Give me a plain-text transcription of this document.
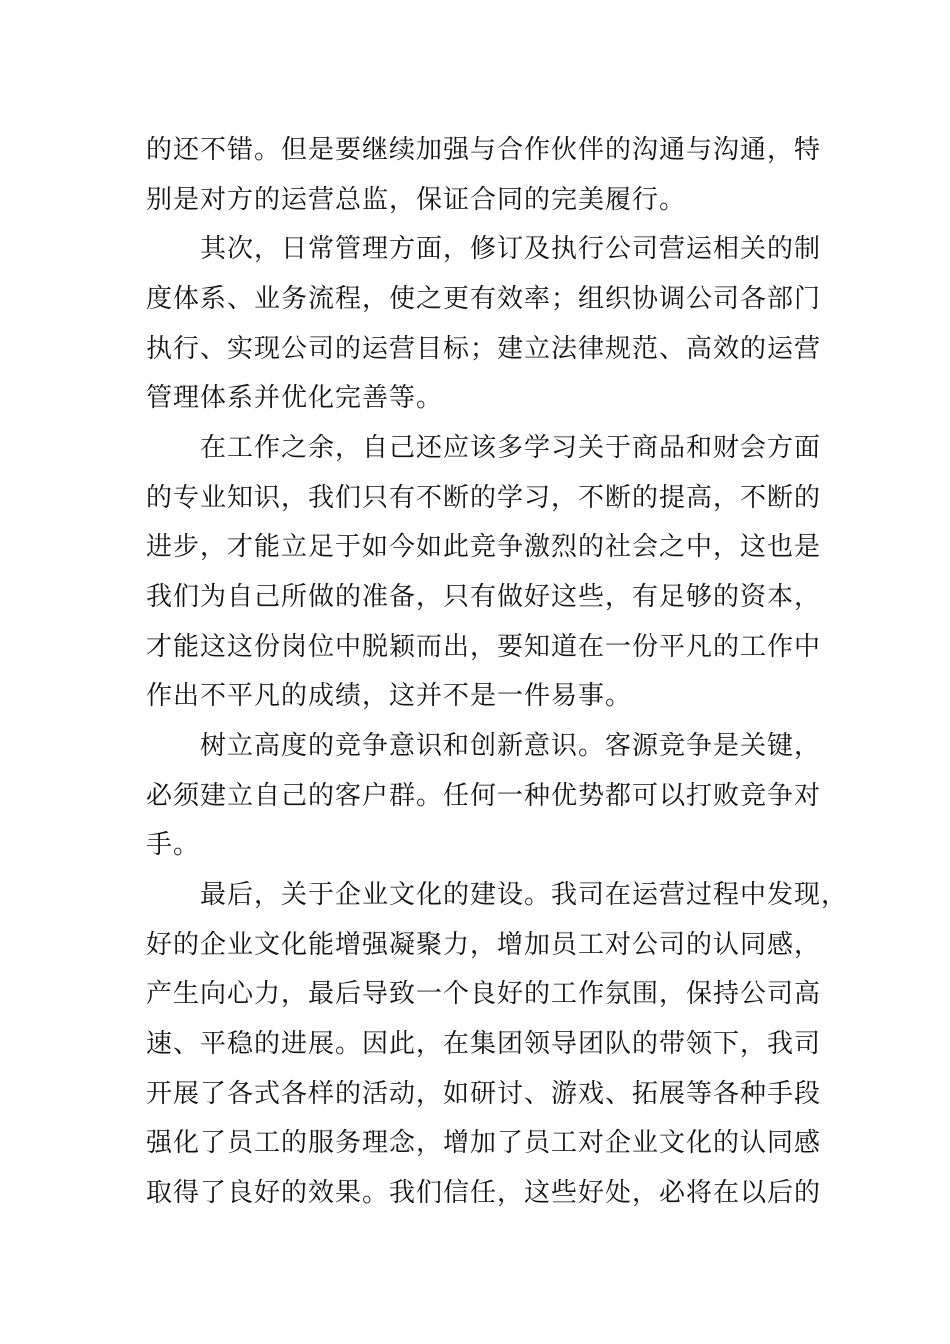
的还不错。但是要继续加强与合作伙伴的沟通与沟通，特
别是对方的运营总监，保证合同的完美履行。
其次，日常管理方面，修订及执行公司营运相关的制
度体系、业务流程，使之更有效率；组织协调公司各部门
执行、实现公司的运营目标；建立法律规范、高效的运营
管理体系并优化完善等。
在工作之余，自己还应该多学习关于商品和财会方面
的专业知识，我们只有不断的学习，不断的提高，不断的
进步，才能立足于如今如此竞争激烈的社会之中，这也是
我们为自己所做的准备，只有做好这些，有足够的资本，
才能这这份岗位中脱颖而出，要知道在一份平凡的工作中
作出不平凡的成绩，这并不是一件易事。
树立高度的竞争意识和创新意识。客源竞争是关键，
必须建立自己的客户群。任何一种优势都可以打败竞争对
手。
最后，关于企业文化的建设。我司在运营过程中发现，
好的企业文化能增强凝聚力，增加员工对公司的认同感，
产生向心力，最后导致一个良好的工作氛围，保持公司高
速、平稳的进展。因此，在集团领导团队的带领下，我司
开展了各式各样的活动，如研讨、游戏、拓展等各种手段
强化了员工的服务理念，增加了员工对企业文化的认同感
取得了良好的效果。我们信任，这些好处，必将在以后的
